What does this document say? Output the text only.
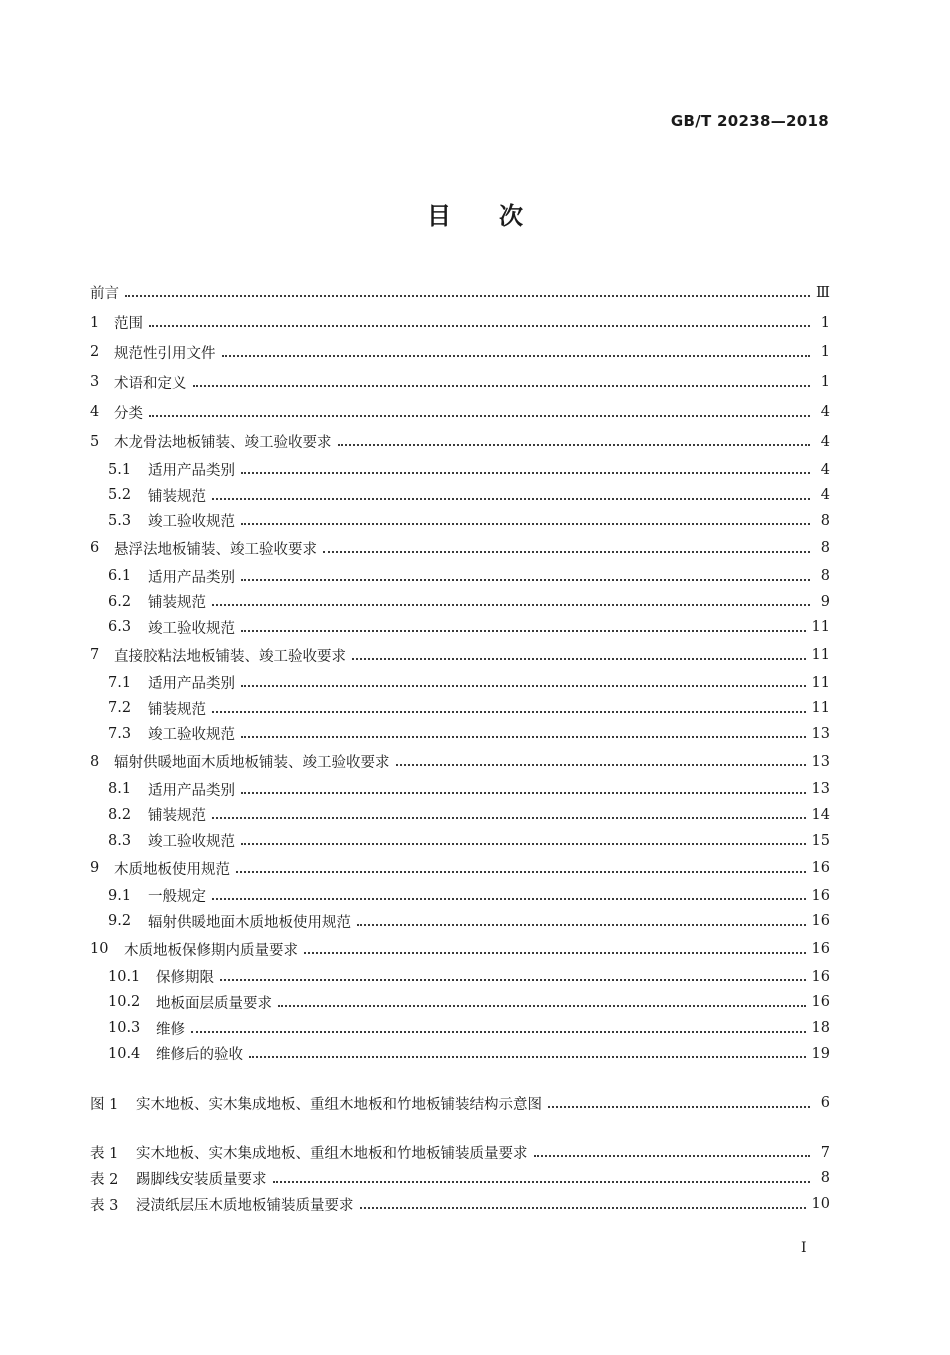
GB/T 20238—2018
目次
前言	Ⅲ
1	范围	1
2	规范性引用文件	1
3	术语和定义	1
4	分类	4
5	木龙骨法地板铺装、竣工验收要求	4
5.1	适用产品类别	4
5.2	铺装规范	4
5.3	竣工验收规范	8
6	悬浮法地板铺装、竣工验收要求	8
6.1	适用产品类别	8
6.2	铺装规范	9
6.3	竣工验收规范	11
7	直接胶粘法地板铺装、竣工验收要求	11
7.1	适用产品类别	11
7.2	铺装规范	11
7.3	竣工验收规范	13
8	辐射供暖地面木质地板铺装、竣工验收要求	13
8.1	适用产品类别	13
8.2	铺装规范	14
8.3	竣工验收规范	15
9	木质地板使用规范	16
9.1	一般规定	16
9.2	辐射供暖地面木质地板使用规范	16
10	木质地板保修期内质量要求	16
10.1	保修期限	16
10.2	地板面层质量要求	16
10.3	维修	18
10.4	维修后的验收	19
图 1	实木地板、实木集成地板、重组木地板和竹地板铺装结构示意图	6
表 1	实木地板、实木集成地板、重组木地板和竹地板铺装质量要求	7
表 2	踢脚线安装质量要求	8
表 3	浸渍纸层压木质地板铺装质量要求	10
I
